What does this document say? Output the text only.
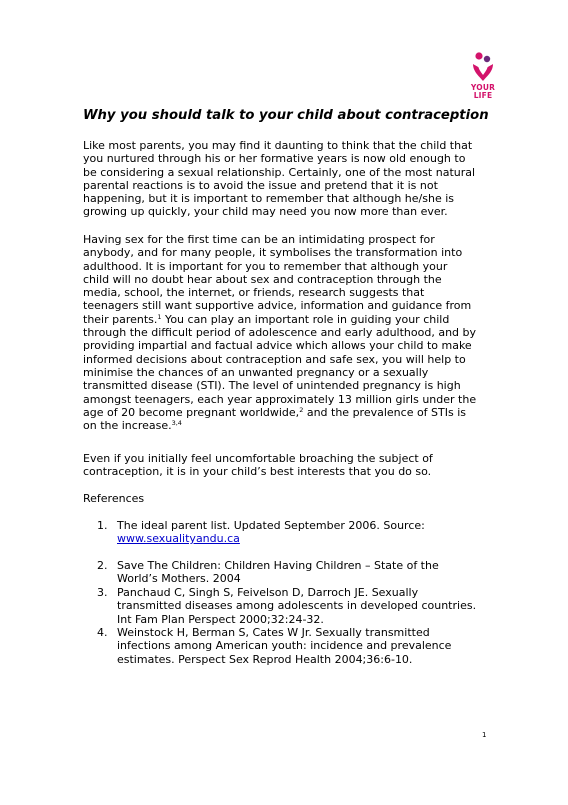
YOUR
LIFE
Why you should talk to your child about contraception

Like most parents, you may find it daunting to think that the child that
you nurtured through his or her formative years is now old enough to
be considering a sexual relationship. Certainly, one of the most natural
parental reactions is to avoid the issue and pretend that it is not
happening, but it is important to remember that although he/she is
growing up quickly, your child may need you now more than ever.

Having sex for the first time can be an intimidating prospect for
anybody, and for many people, it symbolises the transformation into
adulthood. It is important for you to remember that although your
child will no doubt hear about sex and contraception through the
media, school, the internet, or friends, research suggests that
teenagers still want supportive advice, information and guidance from
their parents.$^1$ You can play an important role in guiding your child
through the difficult period of adolescence and early adulthood, and by
providing impartial and factual advice which allows your child to make
informed decisions about contraception and safe sex, you will help to
minimise the chances of an unwanted pregnancy or a sexually
transmitted disease (STI). The level of unintended pregnancy is high
amongst teenagers, each year approximately 13 million girls under the
age of 20 become pregnant worldwide,$^2$ and the prevalence of STIs is
on the increase.$^{3,4}$

Even if you initially feel uncomfortable broaching the subject of
contraception, it is in your child’s best interests that you do so.

References

1. The ideal parent list. Updated September 2006. Source:
www.sexualityandu.ca
2. Save The Children: Children Having Children – State of the
World’s Mothers. 2004
3. Panchaud C, Singh S, Feivelson D, Darroch JE. Sexually
transmitted diseases among adolescents in developed countries.
Int Fam Plan Perspect 2000;32:24-32.
4. Weinstock H, Berman S, Cates W Jr. Sexually transmitted
infections among American youth: incidence and prevalence
estimates. Perspect Sex Reprod Health 2004;36:6-10.
1
